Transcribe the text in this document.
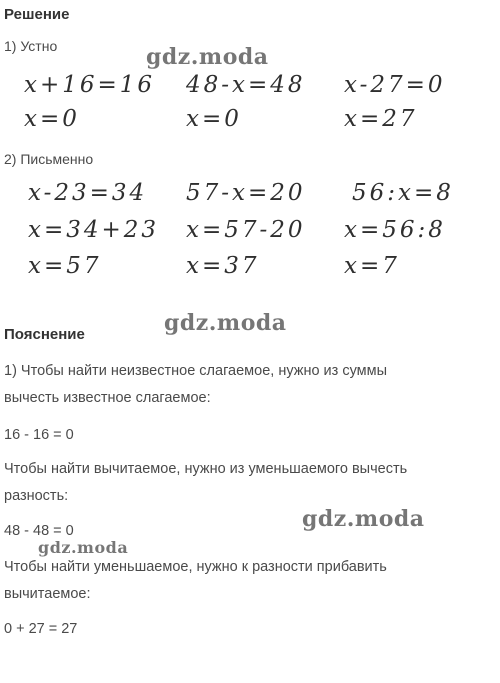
Решение
1) Устно
x+16=16 48-x=48 x-27=0
x=0	x=0	x=27
2) Письменно
x-23=34 57-x=20 56:x=8
x=34+23 x=57-20 x=56:8
x=57	x=37	x=7
Пояснение
1) Чтобы найти неизвестное слагаемое, нужно из суммы
вычесть известное слагаемое:
16 - 16 = 0
Чтобы найти вычитаемое, нужно из уменьшаемого вычесть
разность:
48 - 48 = 0
Чтобы найти уменьшаемое, нужно к разности прибавить
вычитаемое:
0 + 27 = 27
gdz.moda
gdz.moda
gdz.moda
gdz.moda
